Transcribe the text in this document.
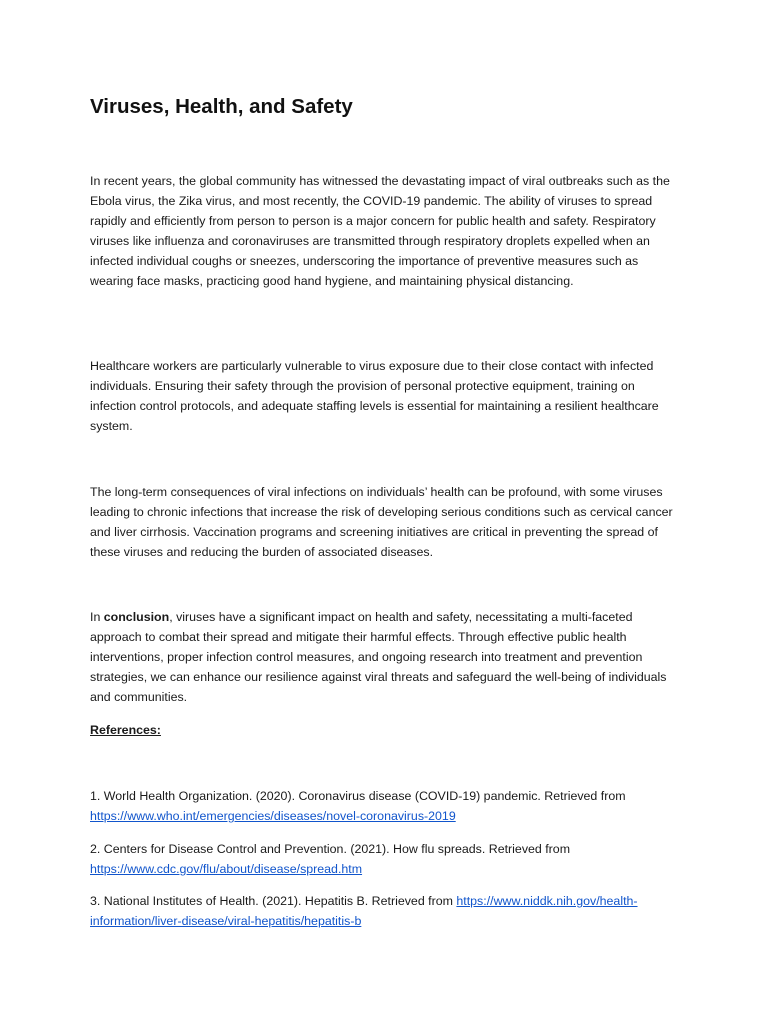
Viruses, Health, and Safety

In recent years, the global community has witnessed the devastating impact of viral outbreaks such as the Ebola virus, the Zika virus, and most recently, the COVID-19 pandemic. The ability of viruses to spread rapidly and efficiently from person to person is a major concern for public health and safety. Respiratory viruses like influenza and coronaviruses are transmitted through respiratory droplets expelled when an infected individual coughs or sneezes, underscoring the importance of preventive measures such as wearing face masks, practicing good hand hygiene, and maintaining physical distancing.

Healthcare workers are particularly vulnerable to virus exposure due to their close contact with infected individuals. Ensuring their safety through the provision of personal protective equipment, training on infection control protocols, and adequate staffing levels is essential for maintaining a resilient healthcare system.

The long-term consequences of viral infections on individuals’ health can be profound, with some viruses leading to chronic infections that increase the risk of developing serious conditions such as cervical cancer and liver cirrhosis. Vaccination programs and screening initiatives are critical in preventing the spread of these viruses and reducing the burden of associated diseases.

In conclusion, viruses have a significant impact on health and safety, necessitating a multi-faceted approach to combat their spread and mitigate their harmful effects. Through effective public health interventions, proper infection control measures, and ongoing research into treatment and prevention strategies, we can enhance our resilience against viral threats and safeguard the well-being of individuals and communities.

References:

1. World Health Organization. (2020). Coronavirus disease (COVID-19) pandemic. Retrieved from https://www.who.int/emergencies/diseases/novel-coronavirus-2019

2. Centers for Disease Control and Prevention. (2021). How flu spreads. Retrieved from https://www.cdc.gov/flu/about/disease/spread.htm

3. National Institutes of Health. (2021). Hepatitis B. Retrieved from https://www.niddk.nih.gov/health-information/liver-disease/viral-hepatitis/hepatitis-b
